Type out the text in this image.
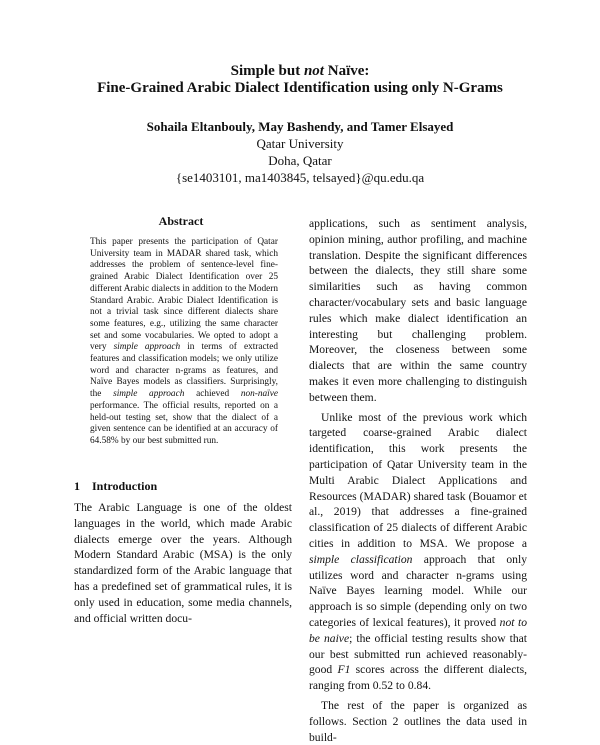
Simple but not Naïve:
Fine-Grained Arabic Dialect Identification using only N-Grams
Sohaila Eltanbouly, May Bashendy, and Tamer Elsayed
Qatar University
Doha, Qatar
{se1403101, ma1403845, telsayed}@qu.edu.qa
Abstract

This paper presents the participation of Qatar University team in MADAR shared task, which addresses the problem of sentence-level fine-grained Arabic Dialect Identification over 25 different Arabic dialects in addition to the Modern Standard Arabic. Arabic Dialect Identification is not a trivial task since different dialects share some features, e.g., utilizing the same character set and some vocabularies. We opted to adopt a very simple approach in terms of extracted features and classification models; we only utilize word and character n-grams as features, and Naïve Bayes models as classifiers. Surprisingly, the simple approach achieved non-naïve performance. The official results, reported on a held-out testing set, show that the dialect of a given sentence can be identified at an accuracy of 64.58% by our best submitted run.

1 Introduction

The Arabic Language is one of the oldest languages in the world, which made Arabic dialects emerge over the years. Although Modern Standard Arabic (MSA) is the only standardized form of the Arabic language that has a predefined set of grammatical rules, it is only used in education, some media channels, and official written docu-

applications, such as sentiment analysis, opinion mining, author profiling, and machine translation. Despite the significant differences between the dialects, they still share some similarities such as having common character/vocabulary sets and basic language rules which make dialect identification an interesting but challenging problem. Moreover, the closeness between some dialects that are within the same country makes it even more challenging to distinguish between them.

Unlike most of the previous work which targeted coarse-grained Arabic dialect identification, this work presents the participation of Qatar University team in the Multi Arabic Dialect Applications and Resources (MADAR) shared task (Bouamor et al., 2019) that addresses a fine-grained classification of 25 dialects of different Arabic cities in addition to MSA. We propose a simple classification approach that only utilizes word and character n-grams using Naïve Bayes learning model. While our approach is so simple (depending only on two categories of lexical features), it proved not to be naive; the official testing results show that our best submitted run achieved reasonably-good F1 scores across the different dialects, ranging from 0.52 to 0.84.

The rest of the paper is organized as follows. Section 2 outlines the data used in build-
